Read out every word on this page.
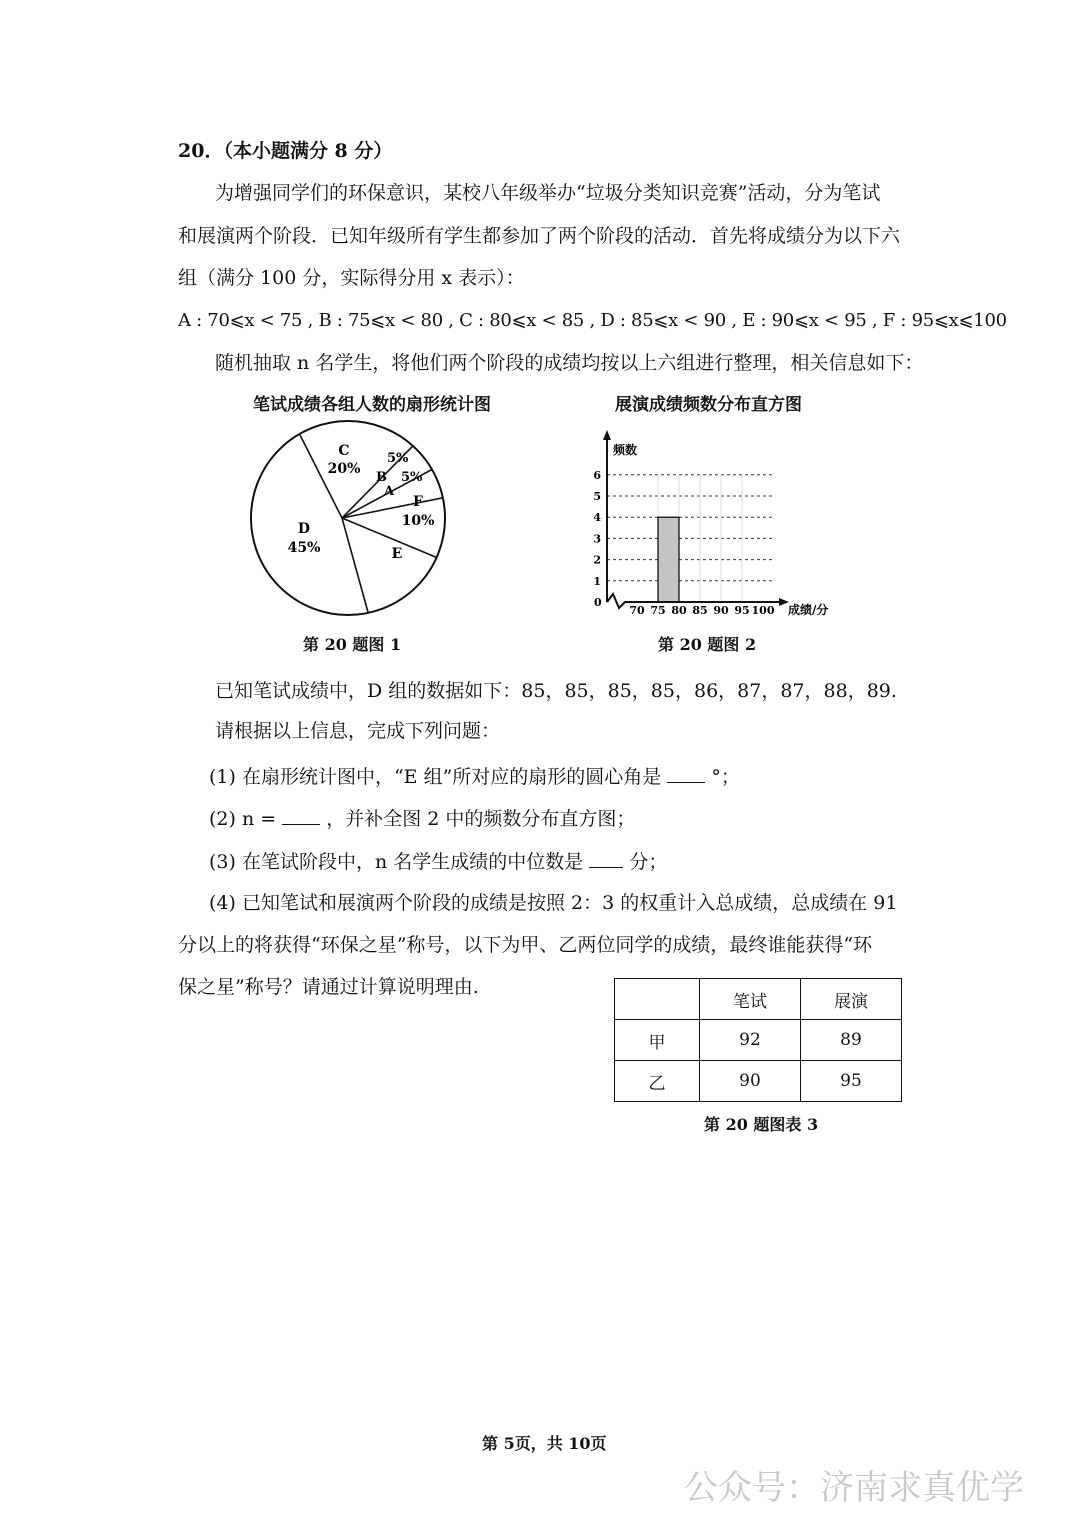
20．（本小题满分 8 分）
为增强同学们的环保意识，某校八年级举办“垃圾分类知识竞赛”活动，分为笔试
和展演两个阶段．已知年级所有学生都参加了两个阶段的活动．首先将成绩分为以下六
组（满分 100 分，实际得分用 x 表示）：
A : 70⩽x < 75 , B : 75⩽x < 80 , C : 80⩽x < 85 , D : 85⩽x < 90 , E : 90⩽x < 95 , F : 95⩽x⩽100
随机抽取 n 名学生，将他们两个阶段的成绩均按以上六组进行整理，相关信息如下：
笔试成绩各组人数的扇形统计图	展演成绩频数分布直方图
C
20%
5%
B 5%
A
F
10%
E
D
45%
频数
成绩/分
0
1
2
3
4
5
6
70 75 80 85 90 95 100
第 20 题图 1	第 20 题图 2
已知笔试成绩中，D 组的数据如下：85，85，85，85，86，87，87，88，89.
请根据以上信息，完成下列问题：
(1) 在扇形统计图中，“E 组”所对应的扇形的圆心角是	°；
(2) n =	，并补全图 2 中的频数分布直方图；
(3) 在笔试阶段中，n 名学生成绩的中位数是 分；
(4) 已知笔试和展演两个阶段的成绩是按照 2：3 的权重计入总成绩，总成绩在 91
分以上的将获得“环保之星”称号，以下为甲、乙两位同学的成绩，最终谁能获得“环
保之星”称号？请通过计算说明理由.
	笔试	展演
甲	92	89
乙	90	95
第 20 题图表 3
第 5页，共 10页
公众号：济南求真优学
